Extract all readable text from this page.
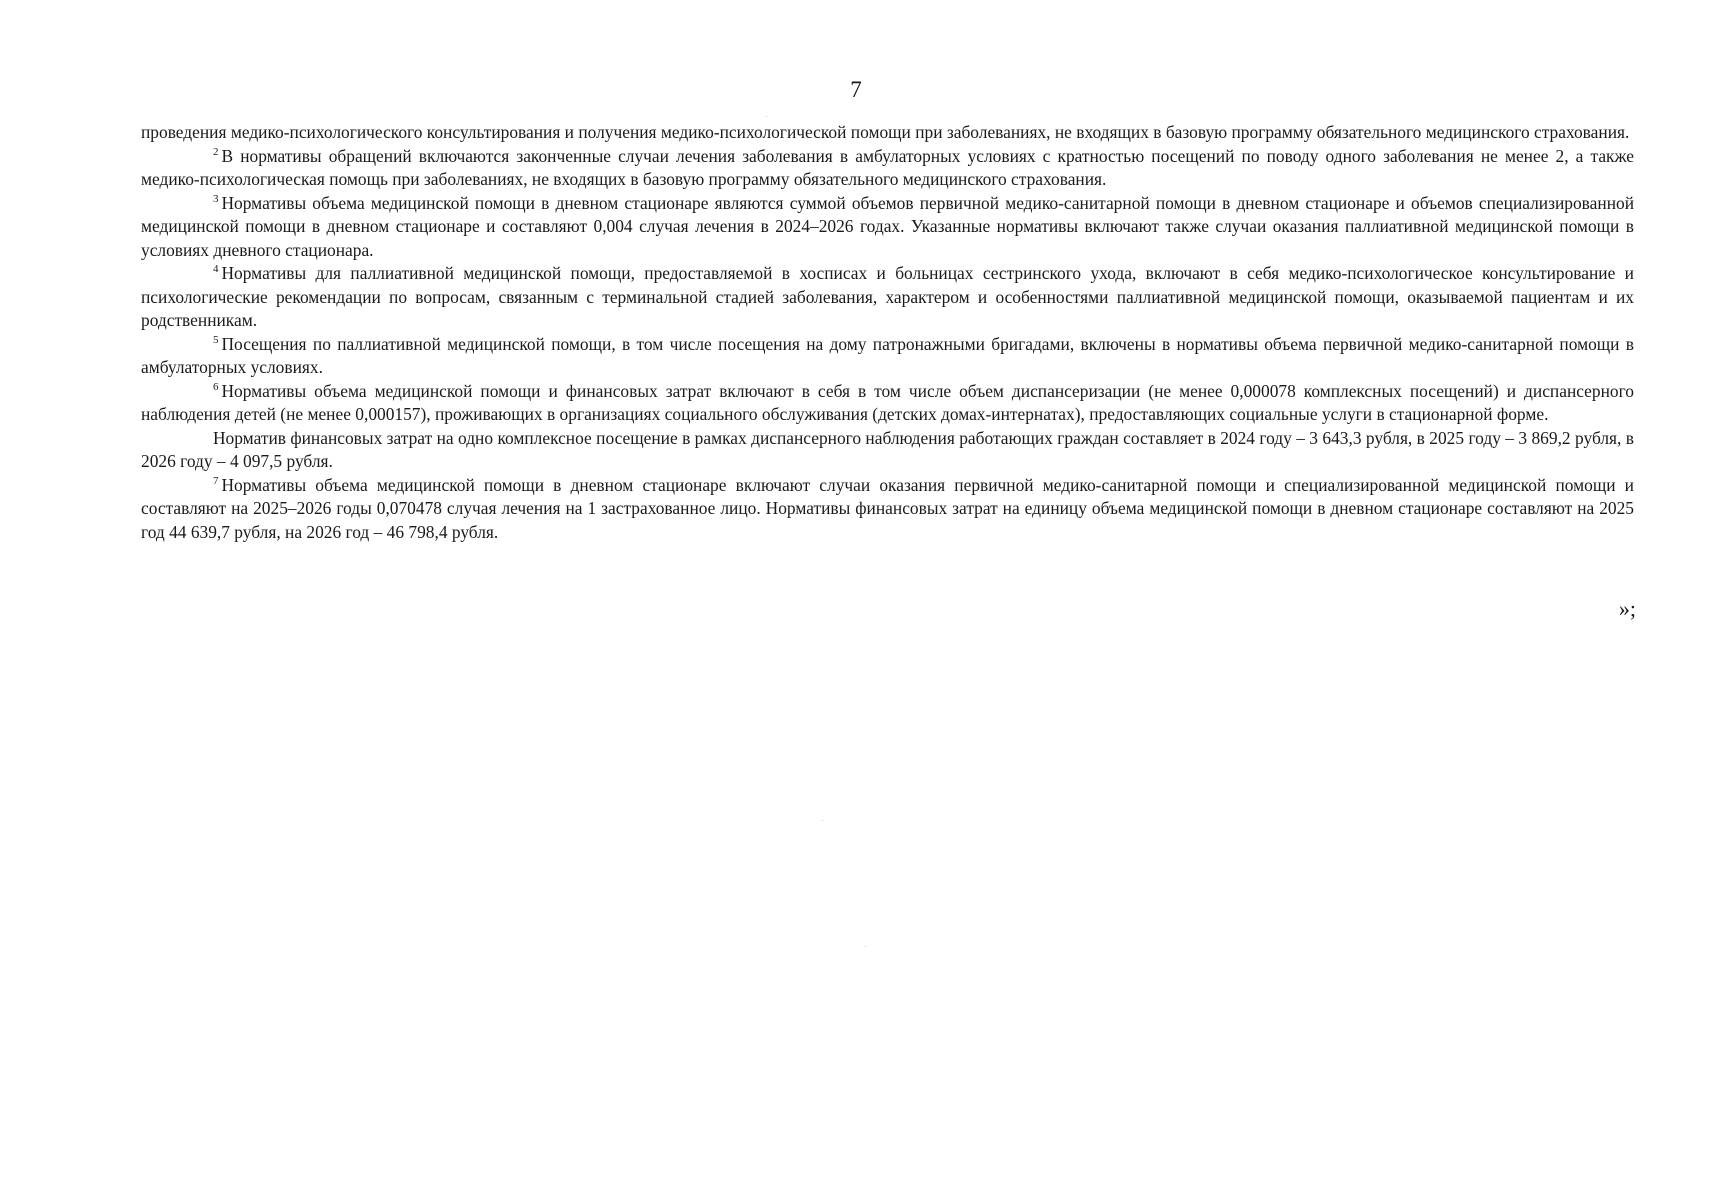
7

проведения медико-психологического консультирования и получения медико-психологической помощи при заболеваниях, не входящих в базовую программу обязательного медицинского страхования.

$^2$ В нормативы обращений включаются законченные случаи лечения заболевания в амбулаторных условиях с кратностью посещений по поводу одного заболевания не менее 2, а также медико-психологическая помощь при заболеваниях, не входящих в базовую программу обязательного медицинского страхования.

$^3$ Нормативы объема медицинской помощи в дневном стационаре являются суммой объемов первичной медико-санитарной помощи в дневном стационаре и объемов специализированной медицинской помощи в дневном стационаре и составляют 0,004 случая лечения в 2024–2026 годах. Указанные нормативы включают также случаи оказания паллиативной медицинской помощи в условиях дневного стационара.

$^4$ Нормативы для паллиативной медицинской помощи, предоставляемой в хосписах и больницах сестринского ухода, включают в себя медико-психологическое консультирование и психологические рекомендации по вопросам, связанным с терминальной стадией заболевания, характером и особенностями паллиативной медицинской помощи, оказываемой пациентам и их родственникам.

$^5$ Посещения по паллиативной медицинской помощи, в том числе посещения на дому патронажными бригадами, включены в нормативы объема первичной медико-санитарной помощи в амбулаторных условиях.

$^6$ Нормативы объема медицинской помощи и финансовых затрат включают в себя в том числе объем диспансеризации (не менее 0,000078 комплексных посещений) и диспансерного наблюдения детей (не менее 0,000157), проживающих в организациях социального обслуживания (детских домах-интернатах), предоставляющих социальные услуги в стационарной форме.

Норматив финансовых затрат на одно комплексное посещение в рамках диспансерного наблюдения работающих граждан составляет в 2024 году – 3 643,3 рубля, в 2025 году – 3 869,2 рубля, в 2026 году – 4 097,5 рубля.

$^7$ Нормативы объема медицинской помощи в дневном стационаре включают случаи оказания первичной медико-санитарной помощи и специализированной медицинской помощи и составляют на 2025–2026 годы 0,070478 случая лечения на 1 застрахованное лицо. Нормативы финансовых затрат на единицу объема медицинской помощи в дневном стационаре составляют на 2025 год 44 639,7 рубля, на 2026 год – 46 798,4 рубля.

»;
